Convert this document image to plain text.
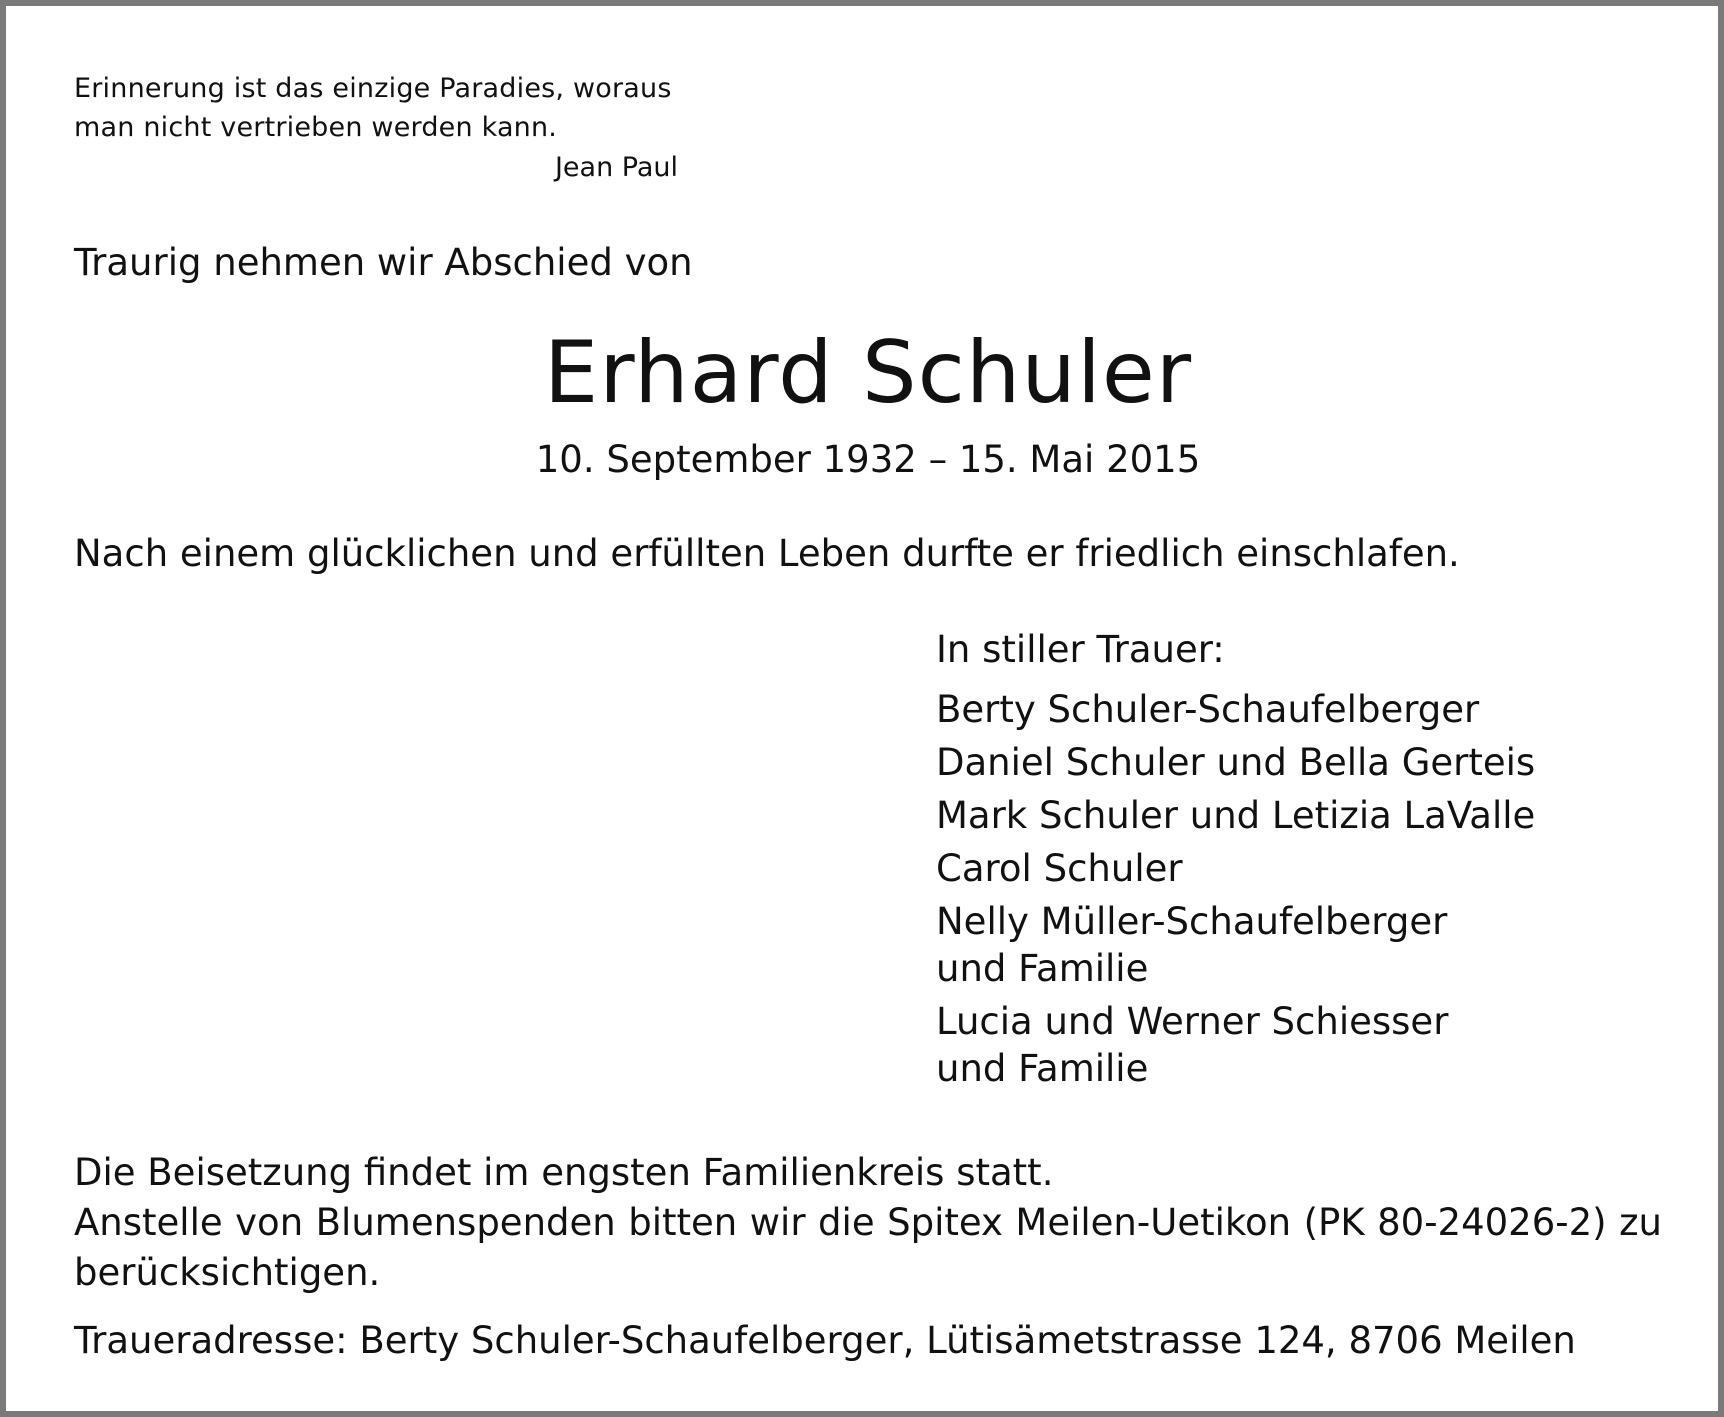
Erinnerung ist das einzige Paradies, woraus

man nicht vertrieben werden kann.

Jean Paul

Traurig nehmen wir Abschied von

Erhard Schuler

10. September 1932 – 15. Mai 2015

Nach einem glücklichen und erfüllten Leben durfte er friedlich einschlafen.

In stiller Trauer:
Berty Schuler-Schaufelberger
Daniel Schuler und Bella Gerteis
Mark Schuler und Letizia LaValle
Carol Schuler
Nelly Müller-Schaufelberger
und Familie
Lucia und Werner Schiesser
und Familie

Die Beisetzung findet im engsten Familienkreis statt.

Anstelle von Blumenspenden bitten wir die Spitex Meilen-Uetikon (PK 80-24026-2) zu berücksichtigen.

Traueradresse: Berty Schuler-Schaufelberger, Lütisämetstrasse 124, 8706 Meilen
